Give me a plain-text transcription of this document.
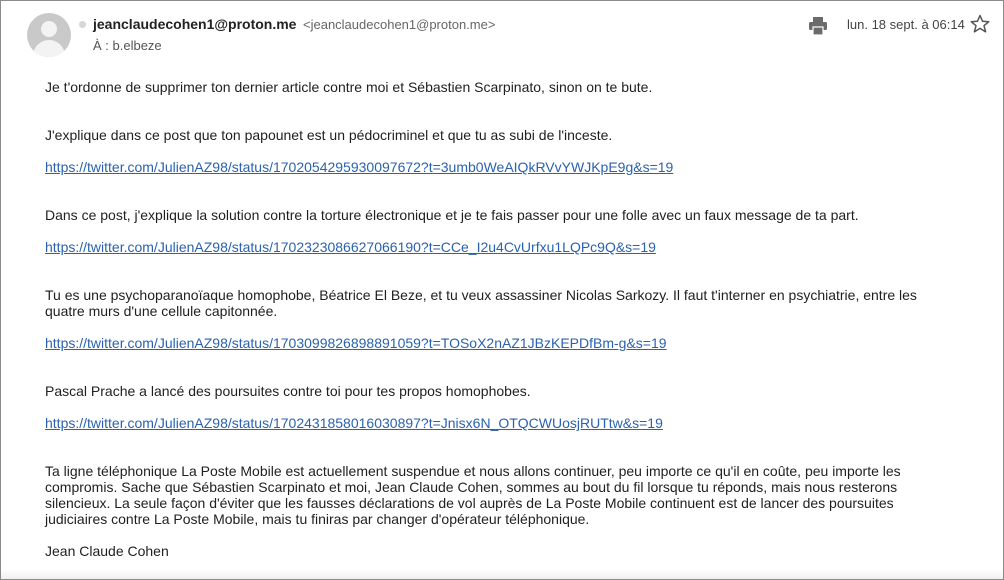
jeanclaudecohen1@proton.me <jeanclaudecohen1@proton.me>
À : b.elbeze
lun. 18 sept. à 06:14
Je t'ordonne de supprimer ton dernier article contre moi et Sébastien Scarpinato, sinon on te bute.
J'explique dans ce post que ton papounet est un pédocriminel et que tu as subi de l'inceste.
https://twitter.com/JulienAZ98/status/1702054295930097672?t=3umb0WeAIQkRVvYWJKpE9g&s=19
Dans ce post, j'explique la solution contre la torture électronique et je te fais passer pour une folle avec un faux message de ta part.
https://twitter.com/JulienAZ98/status/1702323086627066190?t=CCe_I2u4CvUrfxu1LQPc9Q&s=19
Tu es une psychoparanoïaque homophobe, Béatrice El Beze, et tu veux assassiner Nicolas Sarkozy. Il faut t'interner en psychiatrie, entre les quatre murs d'une cellule capitonnée.
https://twitter.com/JulienAZ98/status/1703099826898891059?t=TOSoX2nAZ1JBzKEPDfBm-g&s=19
Pascal Prache a lancé des poursuites contre toi pour tes propos homophobes.
https://twitter.com/JulienAZ98/status/1702431858016030897?t=Jnisx6N_OTQCWUosjRUTtw&s=19
Ta ligne téléphonique La Poste Mobile est actuellement suspendue et nous allons continuer, peu importe ce qu'il en coûte, peu importe les compromis. Sache que Sébastien Scarpinato et moi, Jean Claude Cohen, sommes au bout du fil lorsque tu réponds, mais nous resterons silencieux. La seule façon d'éviter que les fausses déclarations de vol auprès de La Poste Mobile continuent est de lancer des poursuites judiciaires contre La Poste Mobile, mais tu finiras par changer d'opérateur téléphonique.
Jean Claude Cohen
